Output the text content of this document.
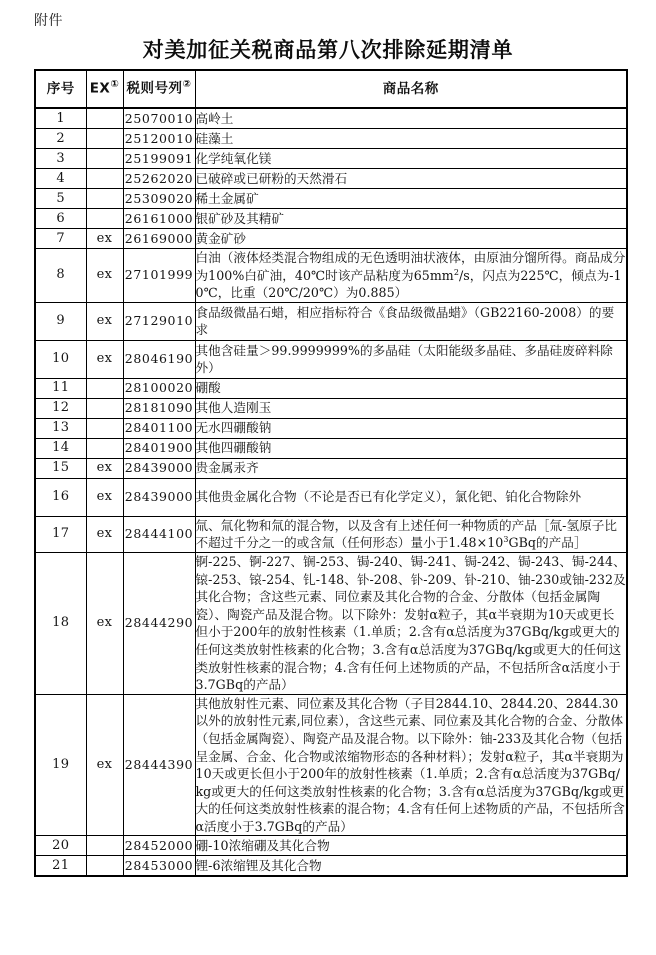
附件
对美加征关税商品第八次排除延期清单
序号	EX①	税则号列②	商品名称
1		25070010	高岭土
2		25120010	硅藻土
3		25199091	化学纯氧化镁
4		25262020	已破碎或已研粉的天然滑石
5		25309020	稀土金属矿
6		26161000	银矿砂及其精矿
7	ex	26169000	黄金矿砂
8	ex	27101999	白油（液体烃类混合物组成的无色透明油状液体，由原油分馏所得。商品成分为100%白矿油，40℃时该产品粘度为$65mm^2/s$，闪点为225℃，倾点为-10℃，比重（20℃/20℃）为0.885）
9	ex	27129010	食品级微晶石蜡，相应指标符合《食品级微晶蜡》（GB22160-2008）的要求
10	ex	28046190	其他含硅量＞99.9999999%的多晶硅（太阳能级多晶硅、多晶硅废碎料除外）
11		28100020	硼酸
12		28181090	其他人造刚玉
13		28401100	无水四硼酸钠
14		28401900	其他四硼酸钠
15	ex	28439000	贵金属汞齐
16	ex	28439000	其他贵金属化合物（不论是否已有化学定义），氯化钯、铂化合物除外
17	ex	28444100	氚、氚化物和氚的混合物，以及含有上述任何一种物质的产品［氚-氢原子比不超过千分之一的或含氚（任何形态）量小于$1.48\times 10^3GBq$的产品］
18	ex	28444290	锕-225、锕-227、锎-253、锔-240、锔-241、锔-242、锔-243、锔-244、锿-253、锿-254、钆-148、钋-208、钋-209、钋-210、铀-230或铀-232及其化合物；含这些元素、同位素及其化合物的合金、分散体（包括金属陶瓷）、陶瓷产品及混合物。以下除外：发射α粒子，其α半衰期为10天或更长但小于200年的放射性核素（1.单质；2.含有α总活度为37GBq/kg或更大的任何这类放射性核素的化合物；3.含有α总活度为37GBq/kg或更大的任何这类放射性核素的混合物；4.含有任何上述物质的产品，不包括所含α活度小于3.7GBq的产品）
19	ex	28444390	其他放射性元素、同位素及其化合物（子目2844.10、2844.20、2844.30以外的放射性元素,同位素），含这些元素、同位素及其化合物的合金、分散体（包括金属陶瓷）、陶瓷产品及混合物。以下除外：铀-233及其化合物（包括呈金属、合金、化合物或浓缩物形态的各种材料）；发射α粒子，其α半衰期为10天或更长但小于200年的放射性核素（1.单质；2.含有α总活度为37GBq/kg或更大的任何这类放射性核素的化合物；3.含有α总活度为37GBq/kg或更大的任何这类放射性核素的混合物；4.含有任何上述物质的产品，不包括所含α活度小于3.7GBq的产品）
20		28452000	硼-10浓缩硼及其化合物
21		28453000	锂-6浓缩锂及其化合物
